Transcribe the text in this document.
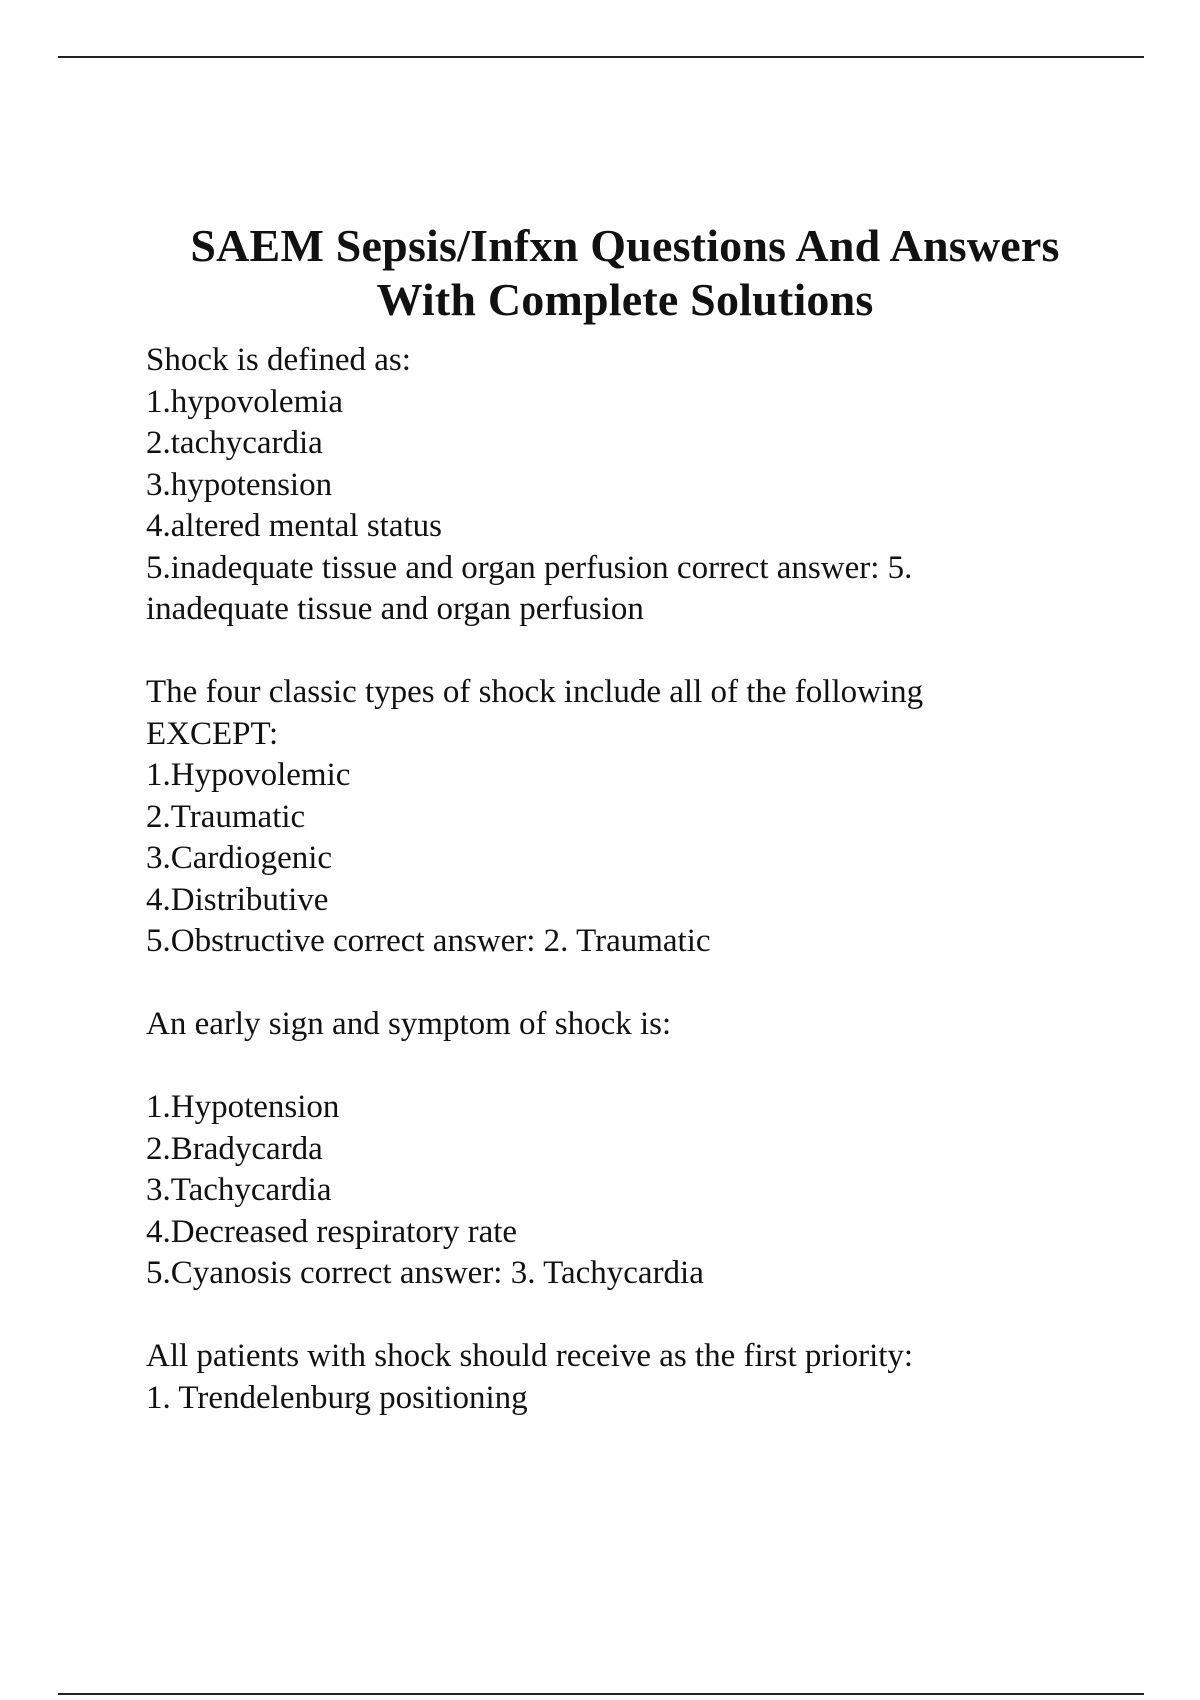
SAEM Sepsis/Infxn Questions And Answers
With Complete Solutions
Shock is defined as:
1.hypovolemia
2.tachycardia
3.hypotension
4.altered mental status
5.inadequate tissue and organ perfusion correct answer: 5.
inadequate tissue and organ perfusion
The four classic types of shock include all of the following
EXCEPT:
1.Hypovolemic
2.Traumatic
3.Cardiogenic
4.Distributive
5.Obstructive correct answer: 2. Traumatic
An early sign and symptom of shock is:
1.Hypotension
2.Bradycarda
3.Tachycardia
4.Decreased respiratory rate
5.Cyanosis correct answer: 3. Tachycardia
All patients with shock should receive as the first priority:
1. Trendelenburg positioning
